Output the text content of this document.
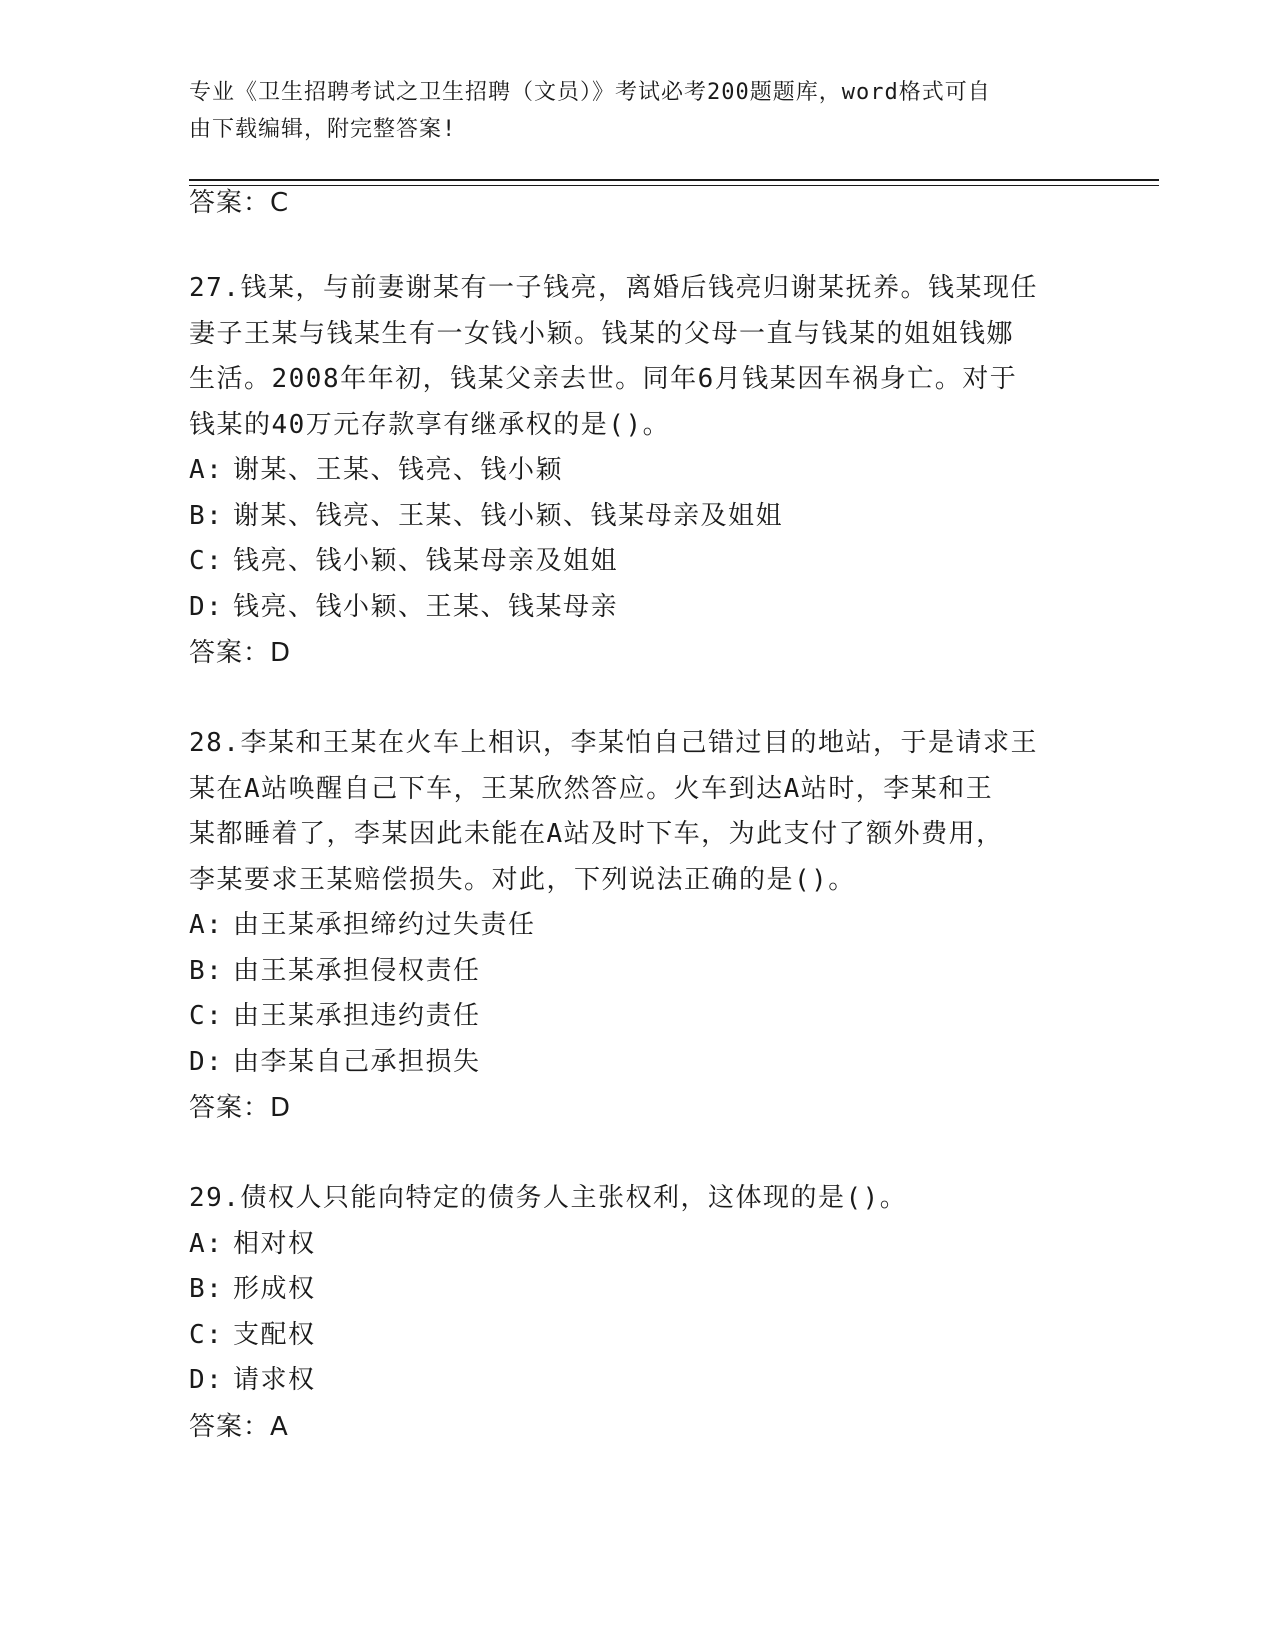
专业《卫生招聘考试之卫生招聘（文员）》考试必考200题题库，word格式可自
由下载编辑，附完整答案!
答案：C
27.钱某，与前妻谢某有一子钱亮，离婚后钱亮归谢某抚养。钱某现任
妻子王某与钱某生有一女钱小颖。钱某的父母一直与钱某的姐姐钱娜
生活。2008年年初，钱某父亲去世。同年6月钱某因车祸身亡。对于
钱某的40万元存款享有继承权的是()。
A: 谢某、王某、钱亮、钱小颖
B: 谢某、钱亮、王某、钱小颖、钱某母亲及姐姐
C: 钱亮、钱小颖、钱某母亲及姐姐
D: 钱亮、钱小颖、王某、钱某母亲
答案：D
28.李某和王某在火车上相识，李某怕自己错过目的地站，于是请求王
某在A站唤醒自己下车，王某欣然答应。火车到达A站时，李某和王
某都睡着了，李某因此未能在A站及时下车，为此支付了额外费用，
李某要求王某赔偿损失。对此，下列说法正确的是()。
A: 由王某承担缔约过失责任
B: 由王某承担侵权责任
C: 由王某承担违约责任
D: 由李某自己承担损失
答案：D
29.债权人只能向特定的债务人主张权利，这体现的是()。
A: 相对权
B: 形成权
C: 支配权
D: 请求权
答案：A
